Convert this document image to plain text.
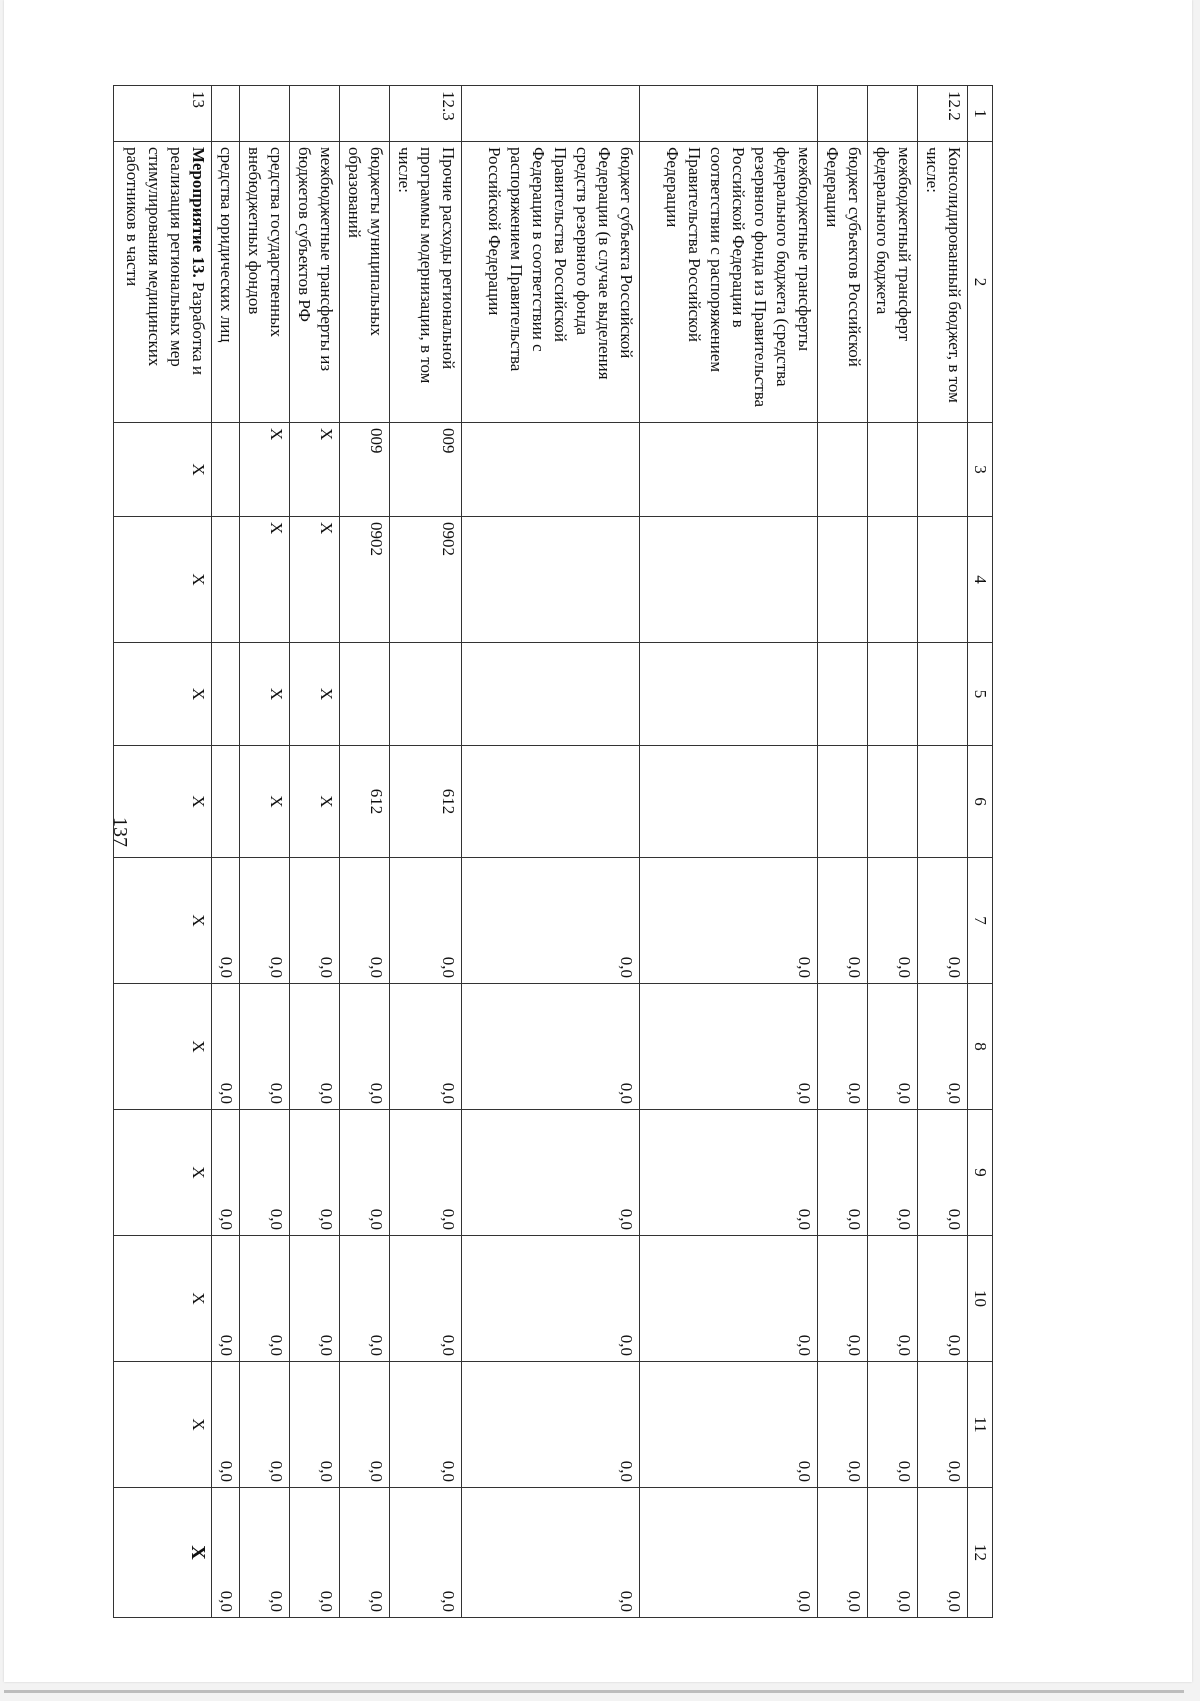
137
1	2	3	4	5	6	7	8	9	10	11	12
12.2	Консолидированный бюджет, в том числе:					0,0	0,0	0,0	0,0	0,0	0,0
	межбюджетный трансферт федерального бюджета					0,0	0,0	0,0	0,0	0,0	0,0
	бюджет субъектов Российской Федерации					0,0	0,0	0,0	0,0	0,0	0,0
	межбюджетные трансферты федерального бюджета (средства резервного фонда из Правительства Российской Федерации в соответствии с распоряжением Правительства Российской Федерации					0,0	0,0	0,0	0,0	0,0	0,0
	бюджет субъекта Российской Федерации (в случае выделения средств резервного фонда Правительства Российской Федерации в соответствии с распоряжением Правительства Российской Федерации					0,0	0,0	0,0	0,0	0,0	0,0
12.3	Прочие расходы региональной программы модернизации, в том числе:	009	0902		612	0,0	0,0	0,0	0,0	0,0	0,0
	бюджеты муниципальных образований	009	0902		612	0,0	0,0	0,0	0,0	0,0	0,0
	межбюджетные трансферты из бюджетов субъектов РФ	X	X	X	X	0,0	0,0	0,0	0,0	0,0	0,0
	средства государственных внебюджетных фондов	X	X	X	X	0,0	0,0	0,0	0,0	0,0	0,0
	средства юридических лиц					0,0	0,0	0,0	0,0	0,0	0,0
13	Мероприятие 13. Разработка и реализация региональных мер стимулирования медицинских работников в части	X	X	X	X	X	X	X	X	X	X
